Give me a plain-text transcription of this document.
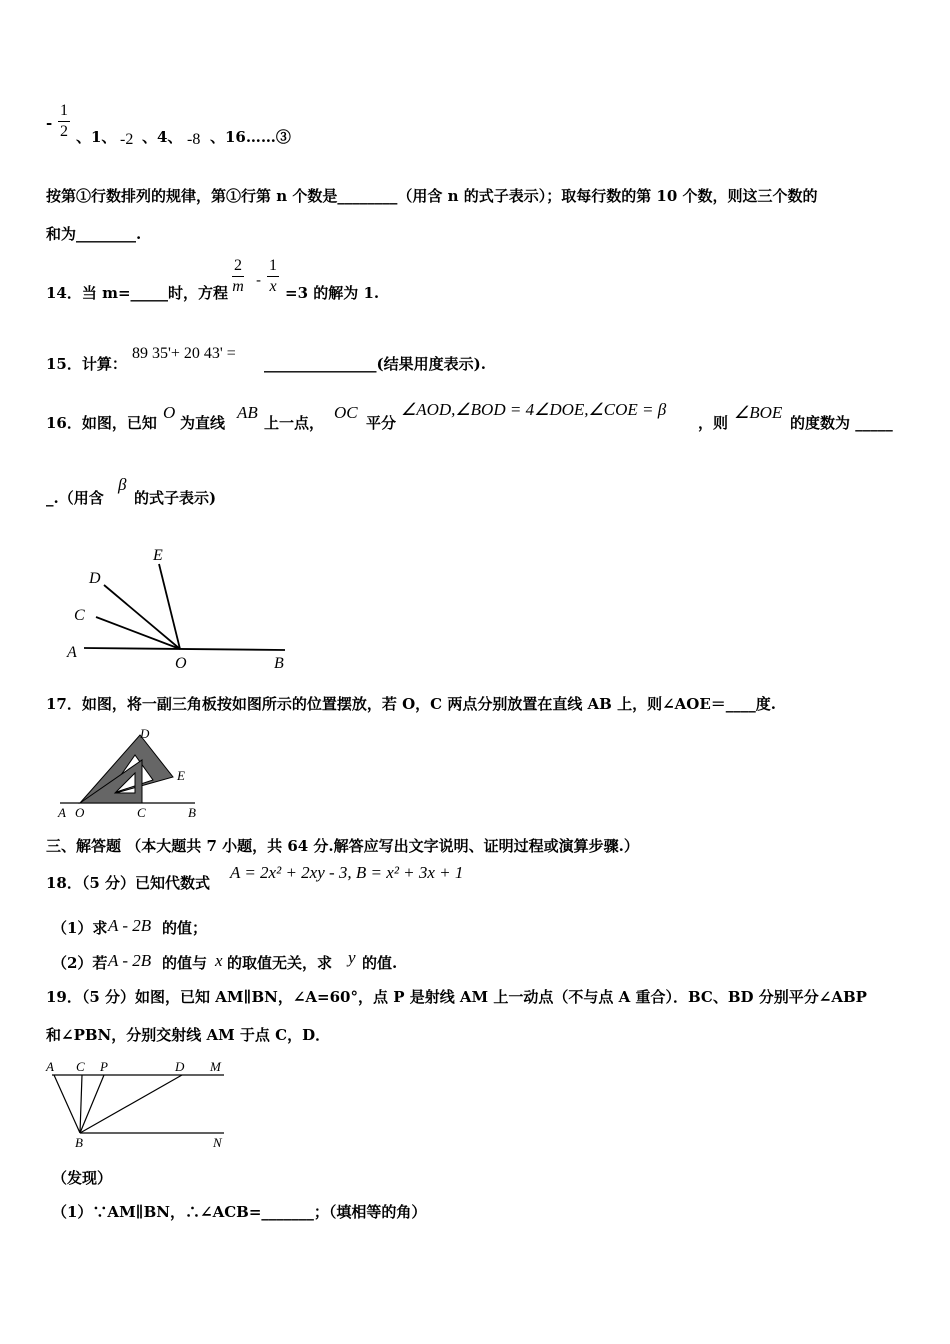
- $\frac{1}{2}$ 、1、 -2 、4、 -8 、16……③
按第①行数排列的规律，第①行第 n 个数是________（用含 n 的式子表示）；取每行数的第 10 个数，则这三个数的
和为________.
14．当 m=_____时，方程 $\frac{2}{m} - \frac{1}{x} =3$ 的解为 1.
15．计算：
89 35'+ 20 43' =
_______________(结果用度表示).
16．如图，已知
O
为直线
AB
上一点，
OC
平分
∠AOD,∠BOD = 4∠DOE,∠COE = β
，则
∠BOE
的度数为 _____
_.（用含
β
的式子表示)
E
D
C
A
O	B
17．如图，将一副三角板按如图所示的位置摆放，若 O，C 两点分别放置在直线 AB 上，则∠AOE＝____度.
D
E
A O	C	B
三、解答题 （本大题共 7 小题，共 64 分.解答应写出文字说明、证明过程或演算步骤.）
18．（5 分）已知代数式
A = 2x² + 2xy - 3, B = x² + 3x + 1
（1）求 A - 2B 的值；
（2）若 A - 2B 的值与 x 的取值无关，求 y 的值.
19．（5 分）如图，已知 AM∥BN，∠A=60°，点 P 是射线 AM 上一动点（不与点 A 重合）．BC、BD 分别平分∠ABP
和∠PBN，分别交射线 AM 于点 C，D．
A C P	D M
B	N
（发现）
（1）∵AM∥BN，∴∠ACB=_______；（填相等的角）
